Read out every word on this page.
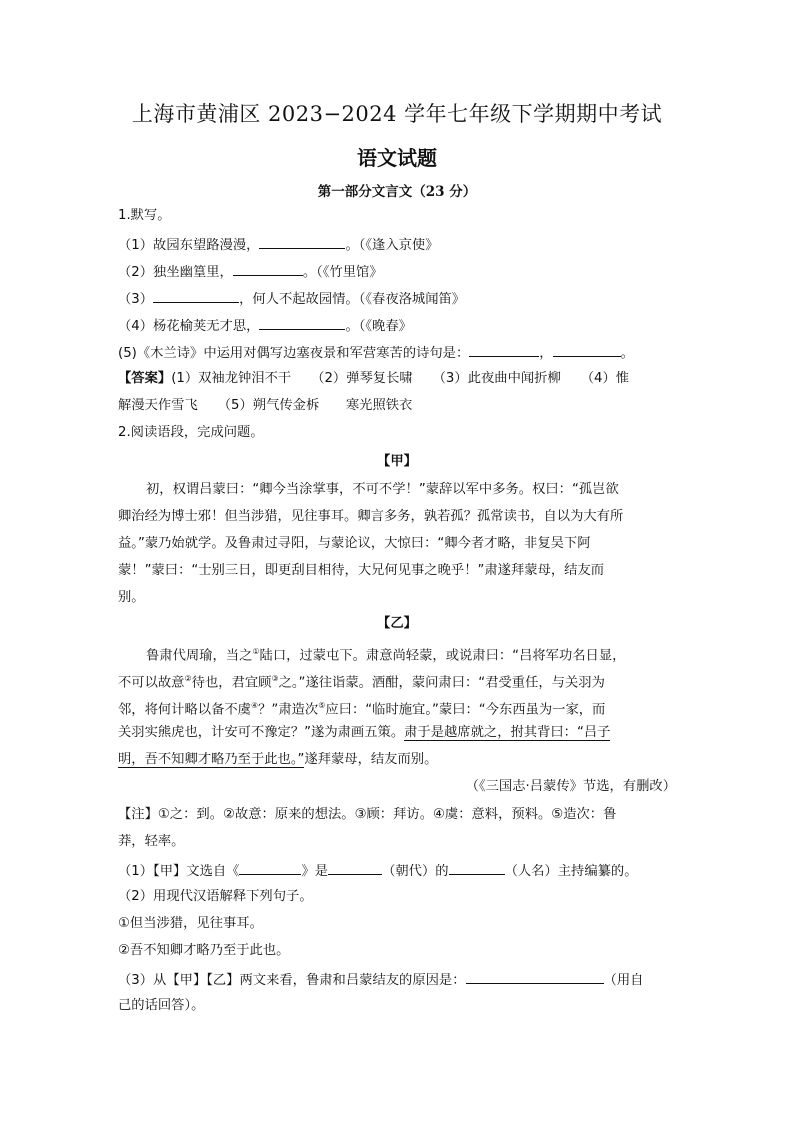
上海市黄浦区 2023−2024 学年七年级下学期期中考试
语文试题
第一部分文言文（23 分）
1.默写。
（1）故园东望路漫漫，	。（《逢入京使》
（2）独坐幽篁里，	。（《竹里馆》
（3）	，何人不起故园情。（《春夜洛城闻笛》
（4）杨花榆荚无才思，	。（《晚春》
(5)《木兰诗》中运用对偶写边塞夜景和军营寒苦的诗句是：	，	。
【答案】(1）双袖龙钟泪不干　　（2）弹琴复长啸　　（3）此夜曲中闻折柳　　（4）惟
解漫天作雪飞　　（5）朔气传金柝　　寒光照铁衣
2.阅读语段，完成问题。
【甲】
初，权谓吕蒙曰：“卿今当涂掌事，不可不学！”蒙辞以军中多务。权曰：“孤岂欲
卿治经为博士邪！但当涉猎，见往事耳。卿言多务，孰若孤？孤常读书，自以为大有所
益。”蒙乃始就学。及鲁肃过寻阳，与蒙论议，大惊曰：“卿今者才略，非复吴下阿
蒙！”蒙曰：“士别三日，即更刮目相待，大兄何见事之晚乎！”肃遂拜蒙母，结友而
别。
【乙】
鲁肃代周瑜，当之①陆口，过蒙屯下。肃意尚轻蒙，或说肃曰：“吕将军功名日显，
不可以故意②待也，君宜顾③之。”遂往诣蒙。酒酣，蒙问肃曰：“君受重任，与关羽为
邻，将何计略以备不虞④？”肃造次⑤应曰：“临时施宜。”蒙曰：“今东西虽为一家，而
关羽实熊虎也，计安可不豫定？”遂为肃画五策。肃于是越席就之，拊其背曰：“吕子
明，吾不知卿才略乃至于此也。”遂拜蒙母，结友而别。
（《三国志·吕蒙传》节选，有删改）
【注】①之：到。②故意：原来的想法。③顾：拜访。④虞：意料，预料。⑤造次：鲁
莽，轻率。
（1）【甲】文选自《	》是	（朝代）的	（人名）主持编纂的。
（2）用现代汉语解释下列句子。
①但当涉猎，见往事耳。
②吾不知卿才略乃至于此也。
（3）从【甲】【乙】两文来看，鲁肃和吕蒙结友的原因是：	（用自
己的话回答）。
